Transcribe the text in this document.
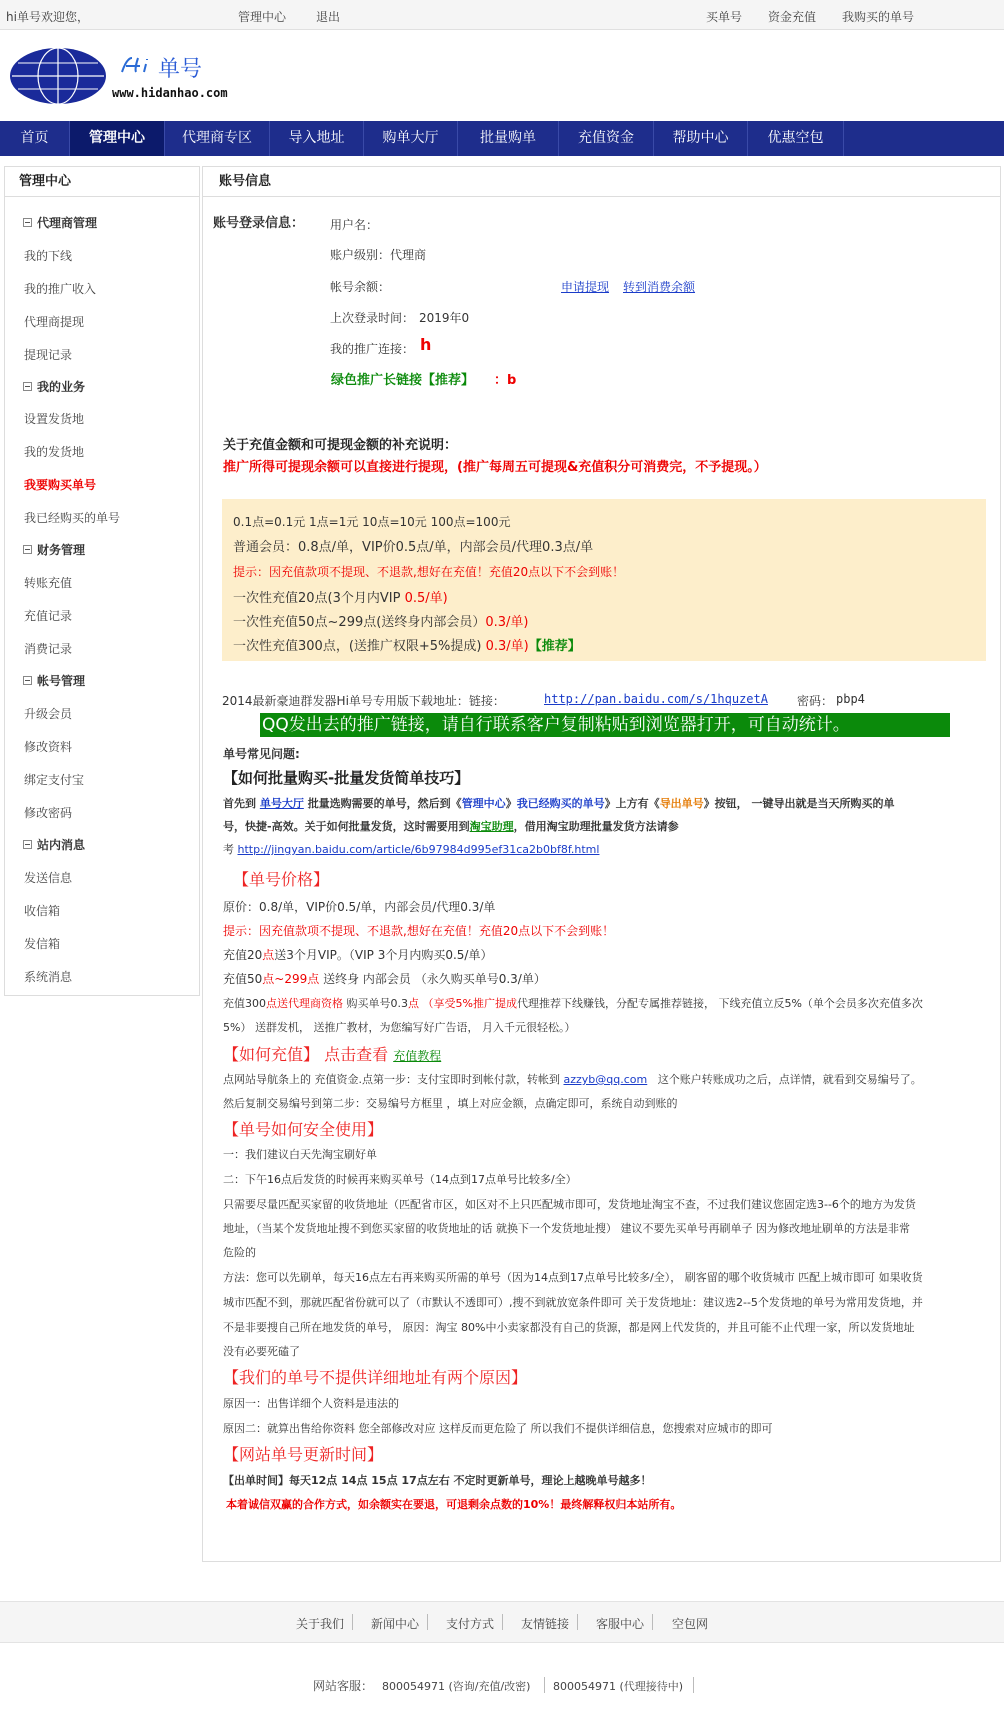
hi单号欢迎您，	管理中心 退出	买单号 资金充值 我购买的单号
单号
www.hidanhao.com
首页	管理中心	代理商专区	导入地址	购单大厅	批量购单	充值资金	帮助中心	优惠空包
管理中心
代理商管理
我的下线
我的推广收入
代理商提现
提现记录
我的业务
设置发货地
我的发货地
我要购买单号
我已经购买的单号
财务管理
转账充值
充值记录
消费记录
帐号管理
升级会员
修改资料
绑定支付宝
修改密码
站内消息
发送信息
收信箱
发信箱
系统消息
账号信息
账号登录信息： 用户名：
账户级别： 代理商
帐号余额：	申请提现 转到消费余额
上次登录时间： 2019年0
我的推广连接： h
绿色推广长链接【推荐】 ：b
关于充值金额和可提现金额的补充说明：
推广所得可提现余额可以直接进行提现，(推广每周五可提现&充值积分可消费完，不予提现。）
0.1点=0.1元 1点=1元 10点=10元 100点=100元
普通会员：0.8点/单，VIP价0.5点/单，内部会员/代理0.3点/单
提示：因充值款项不提现、不退款,想好在充值！充值20点以下不会到账！
一次性充值20点(3个月内VIP 0.5/单)
一次性充值50点~299点(送终身内部会员）0.3/单)
一次性充值300点，(送推广权限+5%提成) 0.3/单)【推荐】
2014最新豪迪群发器Hi单号专用版下载地址：链接：	http://pan.baidu.com/s/1hquzetA 密码： pbp4
QQ发出去的推广链接，请自行联系客户复制粘贴到浏览器打开，可自动统计。
单号常见问题:
【如何批量购买-批量发货简单技巧】
首先到 单号大厅 批量选购需要的单号，然后到《管理中心》我已经购买的单号》上方有《导出单号》按钮， 一键导出就是当天所购买的单
号，快捷-高效。关于如何批量发货，这时需要用到淘宝助理，借用淘宝助理批量发货方法请参
考 http://jingyan.baidu.com/article/6b97984d995ef31ca2b0bf8f.html
【单号价格】
原价：0.8/单，VIP价0.5/单，内部会员/代理0.3/单
提示：因充值款项不提现、不退款,想好在充值！充值20点以下不会到账！
充值20点送3个月VIP。（VIP 3个月内购买0.5/单）
充值50点~299点 送终身 内部会员 （永久购买单号0.3/单）
充值300点送代理商资格 购买单号0.3点 （享受5%推广提成代理推荐下线赚钱，分配专属推荐链接， 下线充值立反5%（单个会员多次充值多次
5%） 送群发机， 送推广教材，为您编写好广告语， 月入千元很轻松。）
【如何充值】 点击查看 充值教程
点网站导航条上的 充值资金.点第一步：支付宝即时到帐付款，转帐到 azzyb@qq.com 这个账户转账成功之后，点详情，就看到交易编号了。
然后复制交易编号到第二步：交易编号方框里 ，填上对应金额，点确定即可，系统自动到账的
【单号如何安全使用】
一：我们建议白天先淘宝刷好单
二：下午16点后发货的时候再来购买单号（14点到17点单号比较多/全）
只需要尽量匹配买家留的收货地址（匹配省市区，如区对不上只匹配城市即可，发货地址淘宝不查，不过我们建议您固定选3--6个的地方为发货
地址，（当某个发货地址搜不到您买家留的收货地址的话 就换下一个发货地址搜） 建议不要先买单号再刷单子 因为修改地址刷单的方法是非常
危险的
方法：您可以先刷单，每天16点左右再来购买所需的单号（因为14点到17点单号比较多/全）， 刷客留的哪个收货城市 匹配上城市即可 如果收货
城市匹配不到，那就匹配省份就可以了（市默认不透即可）,搜不到就放宽条件即可 关于发货地址：建议选2--5个发货地的单号为常用发货地，并
不是非要搜自己所在地发货的单号， 原因：淘宝 80%中小卖家都没有自己的货源，都是网上代发货的，并且可能不止代理一家，所以发货地址
没有必要死磕了
【我们的单号不提供详细地址有两个原因】
原因一：出售详细个人资料是违法的
原因二：就算出售给你资料 您全部修改对应 这样反而更危险了 所以我们不提供详细信息，您搜索对应城市的即可
【网站单号更新时间】
【出单时间】每天12点 14点 15点 17点左右 不定时更新单号，理论上越晚单号越多！
本着诚信双赢的合作方式，如余额实在要退，可退剩余点数的10%！最终解释权归本站所有。
关于我们 新闻中心 支付方式 友情链接 客服中心 空包网
网站客服： 800054971 (咨询/充值/改密) 800054971 (代理接待中)
